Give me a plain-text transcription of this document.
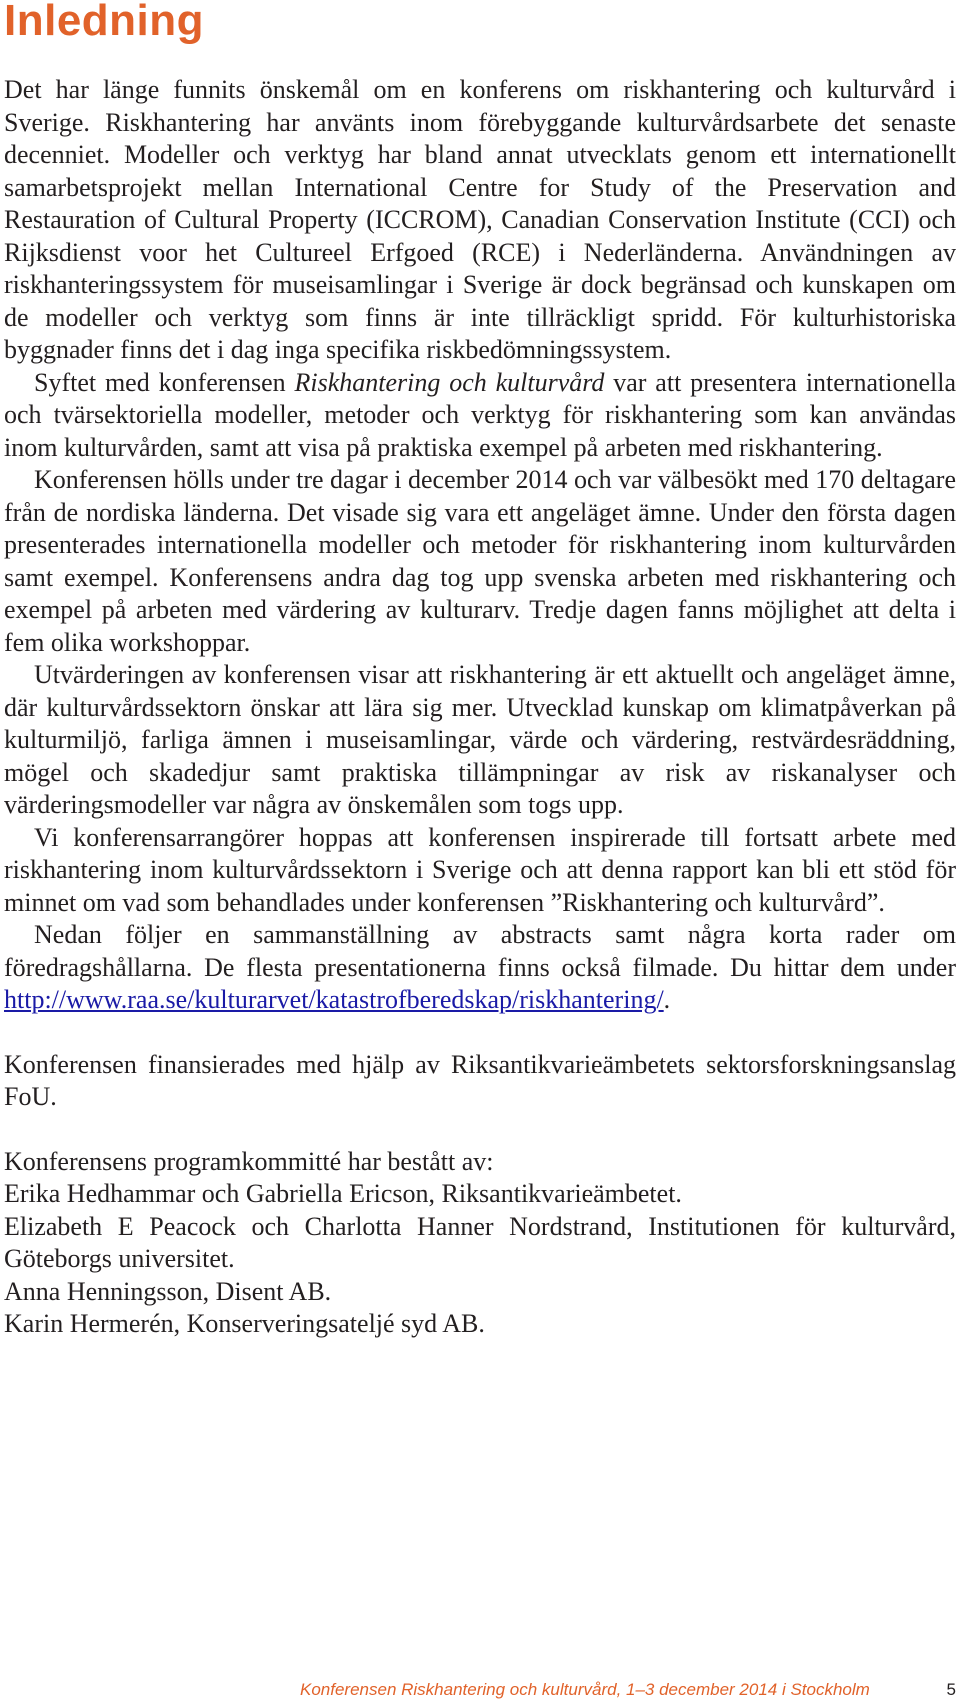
Inledning

Det har länge funnits önskemål om en konferens om riskhantering och kulturvård i Sverige. Riskhantering har använts inom förebyggande kulturvårdsarbete det senaste decenniet. Modeller och verktyg har bland annat utvecklats genom ett internationellt samarbetsprojekt mellan International Centre for Study of the Preservation and Restauration of Cultural Property (ICCROM), Canadian Conservation Institute (CCI) och Rijksdienst voor het Cultureel Erfgoed (RCE) i Nederländerna. Användningen av riskhanteringssystem för museisamlingar i Sverige är dock begränsad och kunskapen om de modeller och verktyg som finns är inte tillräckligt spridd. För kulturhistoriska byggnader finns det i dag inga specifika riskbedömningssystem.

Syftet med konferensen Riskhantering och kulturvård var att presentera internationella och tvärsektoriella modeller, metoder och verktyg för riskhantering som kan användas inom kulturvården, samt att visa på praktiska exempel på arbeten med riskhantering.

Konferensen hölls under tre dagar i december 2014 och var välbesökt med 170 deltagare från de nordiska länderna. Det visade sig vara ett angeläget ämne. Under den första dagen presenterades internationella modeller och metoder för riskhantering inom kulturvården samt exempel. Konferensens andra dag tog upp svenska arbeten med riskhantering och exempel på arbeten med värdering av kulturarv. Tredje dagen fanns möjlighet att delta i fem olika workshoppar.

Utvärderingen av konferensen visar att riskhantering är ett aktuellt och angeläget ämne, där kulturvårdssektorn önskar att lära sig mer. Utvecklad kunskap om klimatpåverkan på kulturmiljö, farliga ämnen i museisamlingar, värde och värdering, restvärdesräddning, mögel och skadedjur samt praktiska tillämpningar av risk av riskanalyser och värderingsmodeller var några av önskemålen som togs upp.

Vi konferensarrangörer hoppas att konferensen inspirerade till fortsatt arbete med riskhantering inom kulturvårdssektorn i Sverige och att denna rapport kan bli ett stöd för minnet om vad som behandlades under konferensen ”Riskhantering och kulturvård”.

Nedan följer en sammanställning av abstracts samt några korta rader om föredragshållarna. De flesta presentationerna finns också filmade. Du hittar dem under http://www.raa.se/kulturarvet/katastrofberedskap/riskhantering/.

Konferensen finansierades med hjälp av Riksantikvarieämbetets sektorsforskningsanslag FoU.

Konferensens programkommitté har bestått av:

Erika Hedhammar och Gabriella Ericson, Riksantikvarieämbetet.

Elizabeth E Peacock och Charlotta Hanner Nordstrand, Institutionen för kulturvård, Göteborgs universitet.

Anna Henningsson, Disent AB.

Karin Hermerén, Konserveringsateljé syd AB.

Konferensen Riskhantering och kulturvård, 1–3 december 2014 i Stockholm	5
